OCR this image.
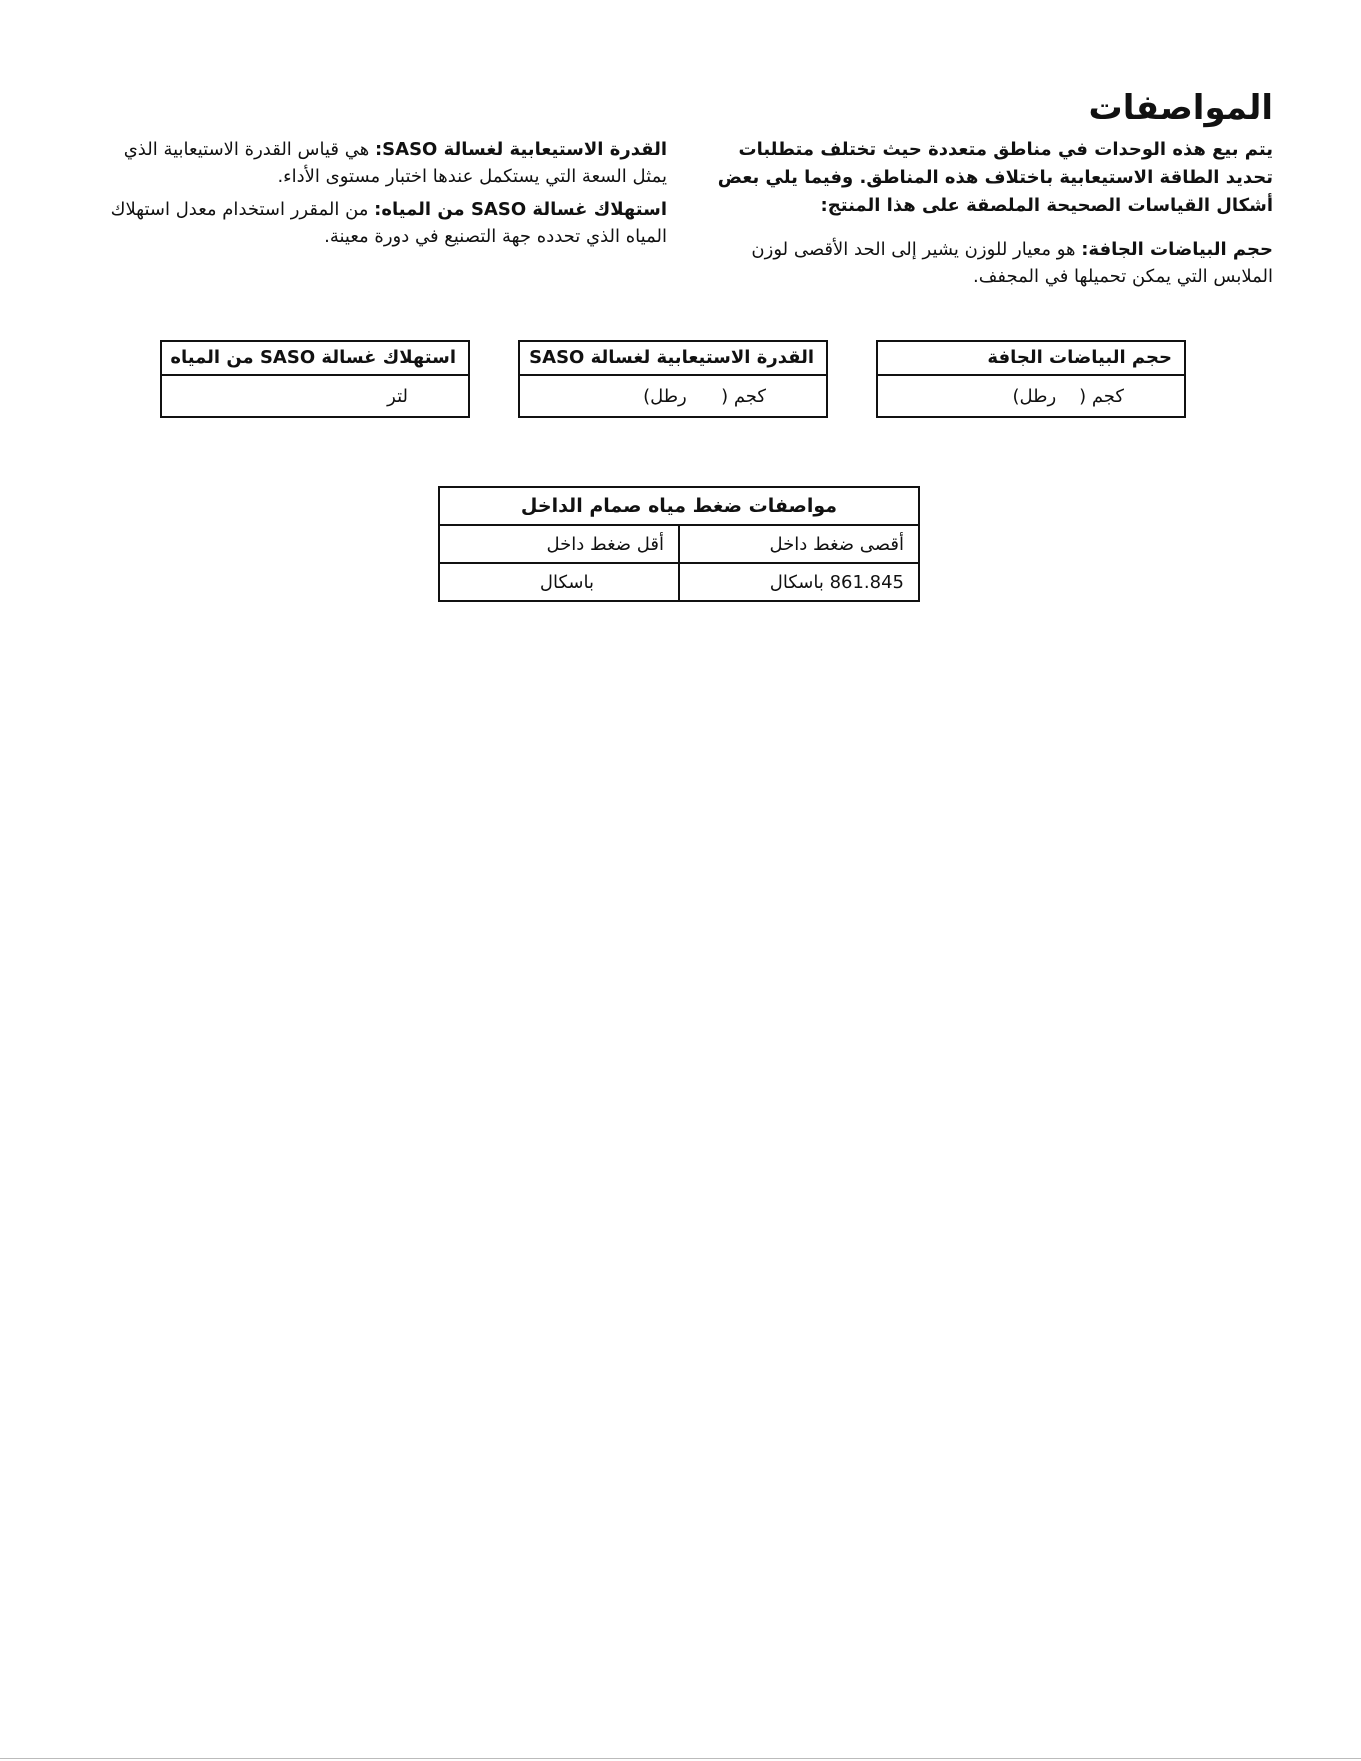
المواصفات

يتم بيع هذه الوحدات في مناطق متعددة حيث تختلف متطلبات تحديد الطاقة الاستيعابية باختلاف هذه المناطق. وفيما يلي بعض أشكال القياسات الصحيحة الملصقة على هذا المنتج:

حجم البياضات الجافة: هو معيار للوزن يشير إلى الحد الأقصى لوزن الملابس التي يمكن تحميلها في المجفف.

القدرة الاستيعابية لغسالة SASO: هي قياس القدرة الاستيعابية الذي يمثل السعة التي يستكمل عندها اختبار مستوى الأداء.

استهلاك غسالة SASO من المياه: من المقرر استخدام معدل استهلاك المياه الذي تحدده جهة التصنيع في دورة معينة.

حجم البياضات الجافة
كجم (    رطل)
القدرة الاستيعابية لغسالة SASO
كجم (      رطل)
استهلاك غسالة SASO من المياه
لتر
مواصفات ضغط مياه صمام الداخل	
أقصى ضغط داخل	أقل ضغط داخل
861.845 باسكال	باسكال
